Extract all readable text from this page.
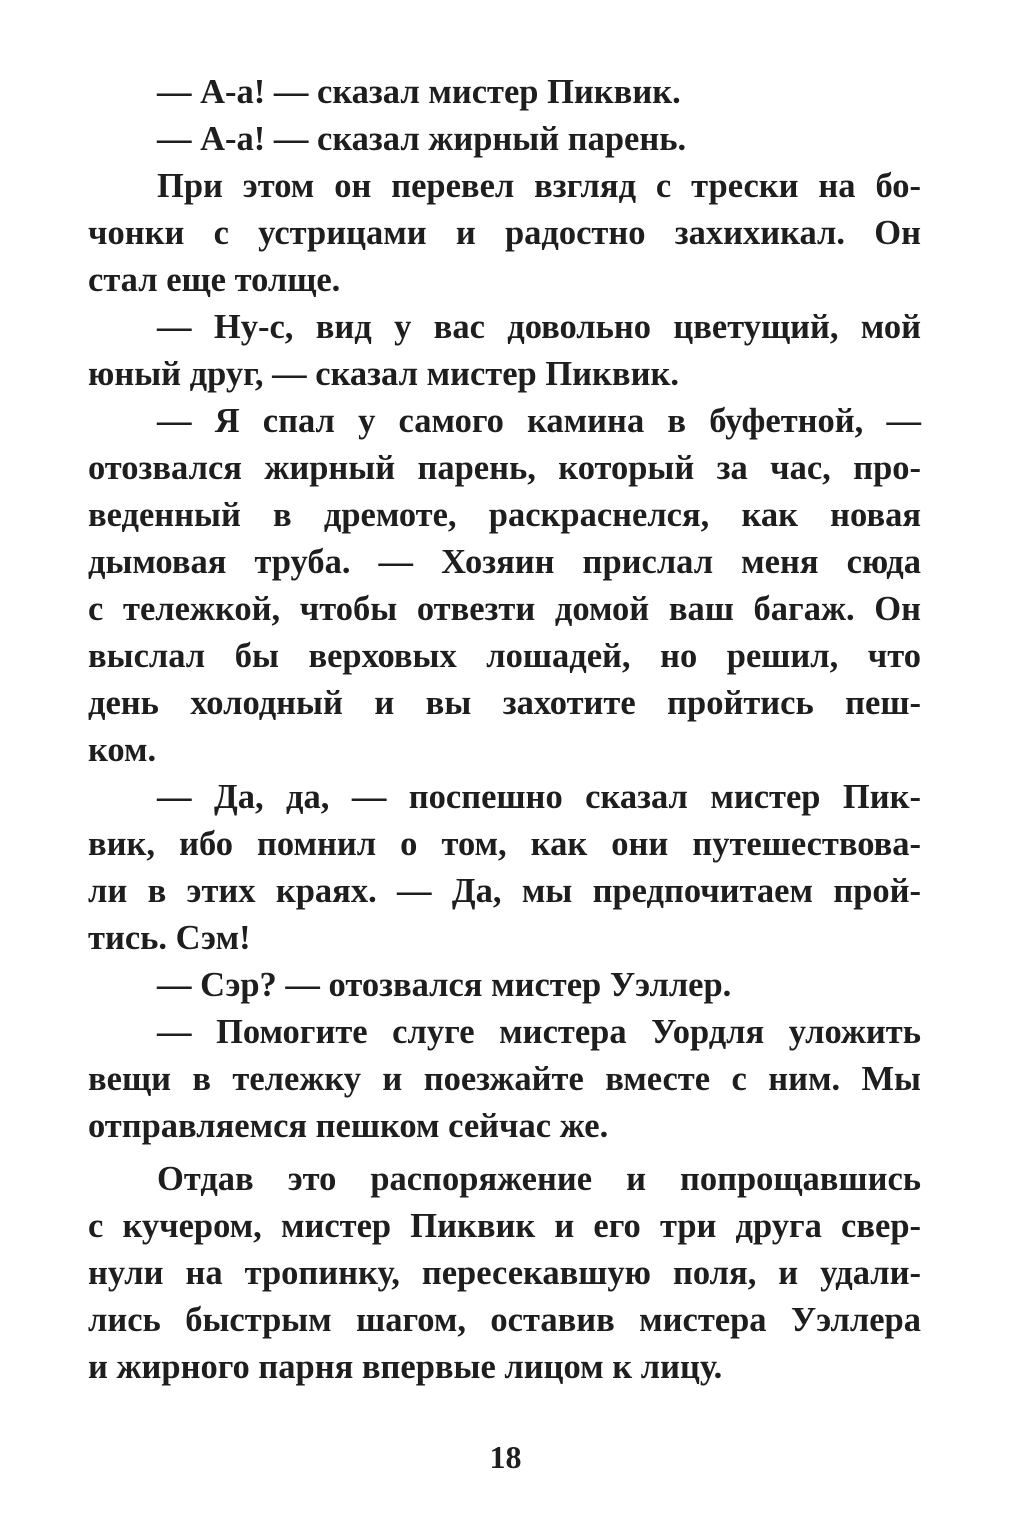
— А-а! — сказал мистер Пиквик.
— А-а! — сказал жирный парень.
При этом он перевел взгляд с трески на бо-
чонки с устрицами и радостно захихикал. Он
стал еще толще.
— Ну-с, вид у вас довольно цветущий, мой
юный друг, — сказал мистер Пиквик.
— Я спал у самого камина в буфетной, —
отозвался жирный парень, который за час, про-
веденный в дремоте, раскраснелся, как новая
дымовая труба. — Хозяин прислал меня сюда
с тележкой, чтобы отвезти домой ваш багаж. Он
выслал бы верховых лошадей, но решил, что
день холодный и вы захотите пройтись пеш-
ком.
— Да, да, — поспешно сказал мистер Пик-
вик, ибо помнил о том, как они путешествова-
ли в этих краях. — Да, мы предпочитаем прой-
тись. Сэм!
— Сэр? — отозвался мистер Уэллер.
— Помогите слуге мистера Уордля уложить
вещи в тележку и поезжайте вместе с ним. Мы
отправляемся пешком сейчас же.
Отдав это распоряжение и попрощавшись
с кучером, мистер Пиквик и его три друга свер-
нули на тропинку, пересекавшую поля, и удали-
лись быстрым шагом, оставив мистера Уэллера
и жирного парня впервые лицом к лицу.
18
